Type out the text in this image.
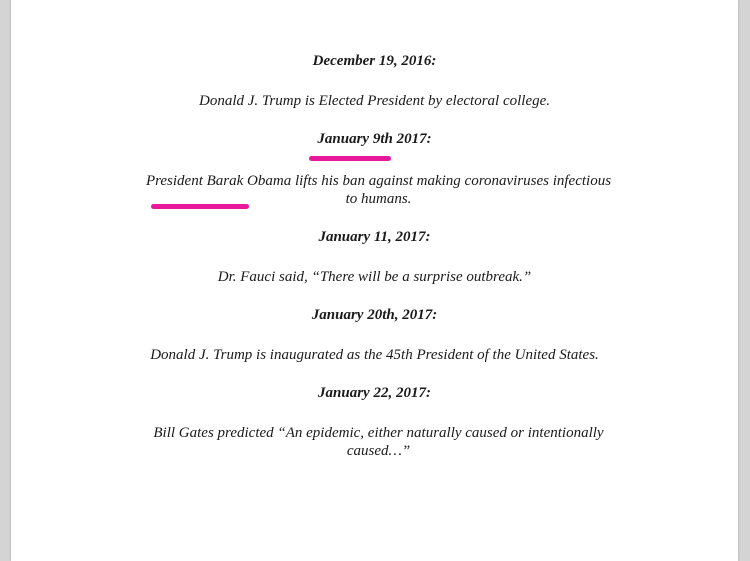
December 19, 2016:

Donald J. Trump is Elected President by electoral college.

January 9th 2017:

President Barak Obama lifts his ban against making coronaviruses infectious to humans.

January 11, 2017:

Dr. Fauci said, “There will be a surprise outbreak.”

January 20th, 2017:

Donald J. Trump is inaugurated as the 45th President of the United States.

January 22, 2017:

Bill Gates predicted “An epidemic, either naturally caused or intentionally caused…”
